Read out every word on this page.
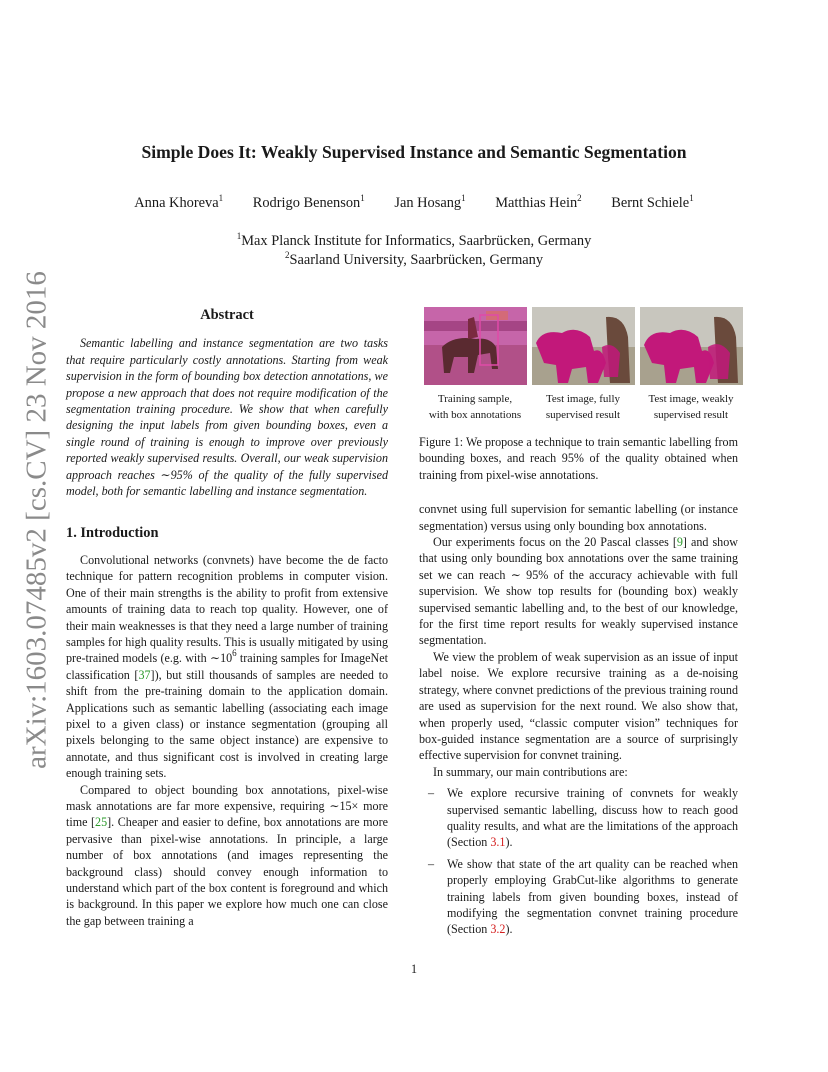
arXiv:1603.07485v2 [cs.CV] 23 Nov 2016
Simple Does It: Weakly Supervised Instance and Semantic Segmentation
Anna Khoreva$^1$ Rodrigo Benenson$^1$ Jan Hosang$^1$ Matthias Hein$^2$ Bernt Schiele$^1$
$^1$Max Planck Institute for Informatics, Saarbrücken, Germany
$^2$Saarland University, Saarbrücken, Germany
Abstract

Semantic labelling and instance segmentation are two tasks that require particularly costly annotations. Starting from weak supervision in the form of bounding box detection annotations, we propose a new approach that does not require modification of the segmentation training procedure. We show that when carefully designing the input labels from given bounding boxes, even a single round of training is enough to improve over previously reported weakly supervised results. Overall, our weak supervision approach reaches ∼95% of the quality of the fully supervised model, both for semantic labelling and instance segmentation.

1. Introduction

Convolutional networks (convnets) have become the de facto technique for pattern recognition problems in computer vision. One of their main strengths is the ability to profit from extensive amounts of training data to reach top quality. However, one of their main weaknesses is that they need a large number of training samples for high quality results. This is usually mitigated by using pre-trained models (e.g. with $\sim 10^6$ training samples for ImageNet classification [37]), but still thousands of samples are needed to shift from the pre-training domain to the application domain. Applications such as semantic labelling (associating each image pixel to a given class) or instance segmentation (grouping all pixels belonging to the same object instance) are expensive to annotate, and thus significant cost is involved in creating large enough training sets.

Compared to object bounding box annotations, pixel-wise mask annotations are far more expensive, requiring ∼15× more time [25]. Cheaper and easier to define, box annotations are more pervasive than pixel-wise annotations. In principle, a large number of box annotations (and images representing the background class) should convey enough information to understand which part of the box content is foreground and which is background. In this paper we explore how much one can close the gap between training a

Training sample,
with box annotations
Test image, fully
supervised result
Test image, weakly
supervised result

Figure 1: We propose a technique to train semantic labelling from bounding boxes, and reach 95% of the quality obtained when training from pixel-wise annotations.

convnet using full supervision for semantic labelling (or instance segmentation) versus using only bounding box annotations.

Our experiments focus on the 20 Pascal classes [9] and show that using only bounding box annotations over the same training set we can reach ∼ 95% of the accuracy achievable with full supervision. We show top results for (bounding box) weakly supervised semantic labelling and, to the best of our knowledge, for the first time report results for weakly supervised instance segmentation.

We view the problem of weak supervision as an issue of input label noise. We explore recursive training as a de-noising strategy, where convnet predictions of the previous training round are used as supervision for the next round. We also show that, when properly used, “classic computer vision” techniques for box-guided instance segmentation are a source of surprisingly effective supervision for convnet training.

In summary, our main contributions are:

– We explore recursive training of convnets for weakly supervised semantic labelling, discuss how to reach good quality results, and what are the limitations of the approach (Section 3.1).
– We show that state of the art quality can be reached when properly employing GrabCut-like algorithms to generate training labels from given bounding boxes, instead of modifying the segmentation convnet training procedure (Section 3.2).
1
